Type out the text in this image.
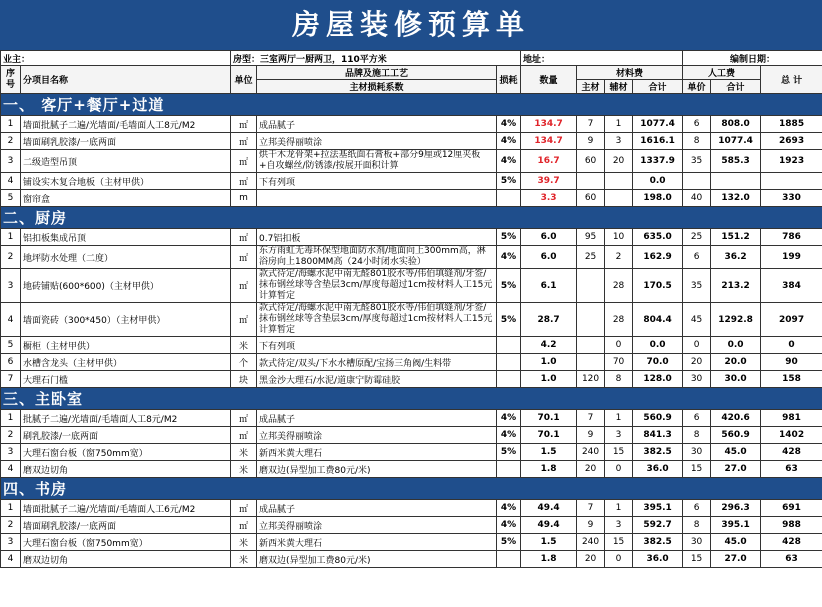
房屋装修预算单
业主：		房型：三室两厅一厨两卫，110平方米			地址：				编制日期：		
序号	分项目名称	单位	品牌及施工工艺	损耗	数量	材料费			人工费		总 计
			主材损耗系数			主材	辅材	合计	单价	合计	
一、 客厅+餐厅+过道											
1	墙面批腻子二遍/光墙面/毛墙面人工8元/M2	㎡	成品腻子	4%	134.7	7	1	1077.4	6	808.0	1885
2	墙面刷乳胶漆/一底两面	㎡	立邦美得丽喷涂	4%	134.7	9	3	1616.1	8	1077.4	2693
3	二级造型吊顶	㎡	烘干木龙骨架+拉法基纸面石膏板+部分9厘或12厘夹板+自攻螺丝/防锈漆/按展开面积计算	4%	16.7	60	20	1337.9	35	585.3	1923
4	铺设实木复合地板（主材甲供）	㎡	下有列项	5%	39.7			0.0			
5	窗帘盒	m			3.3	60		198.0	40	132.0	330
二、厨房											
1	铝扣板集成吊顶	㎡	0.7铝扣板	5%	6.0	95	10	635.0	25	151.2	786
2	地坪防水处理（二度）	㎡	东方雨虹无毒环保型地面防水剂/地面向上300mm高，淋浴房向上1800MM高（24小时闭水实验）	4%	6.0	25	2	162.9	6	36.2	199
3	地砖铺贴(600*600)（主材甲供）	㎡	款式待定/海螺水泥中南无醛801胶水等/伟伯填缝剂/牙签/抹布钢丝球等含垫层3cm/厚度每超过1cm按材料人工15元计算暂定	5%	6.1		28	170.5	35	213.2	384
4	墙面瓷砖（300*450）（主材甲供）	㎡	款式待定/海螺水泥中南无醛801胶水等/伟伯填缝剂/牙签/抹布钢丝球等含垫层3cm/厚度每超过1cm按材料人工15元计算暂定	5%	28.7		28	804.4	45	1292.8	2097
5	橱柜（主材甲供）	米	下有列项		4.2		0	0.0	0	0.0	0
6	水槽含龙头（主材甲供）	个	款式待定/双头/下水水槽原配/宝扬三角阀/生料带		1.0		70	70.0	20	20.0	90
7	大理石门槛	块	黑金沙大理石/水泥/道康宁防霉硅胶		1.0	120	8	128.0	30	30.0	158
三、主卧室											
1	批腻子二遍/光墙面/毛墙面人工8元/M2	㎡	成品腻子	4%	70.1	7	1	560.9	6	420.6	981
2	刷乳胶漆/一底两面	㎡	立邦美得丽喷涂	4%	70.1	9	3	841.3	8	560.9	1402
3	大理石窗台板（窗750mm宽）	米	新西米黄大理石	5%	1.5	240	15	382.5	30	45.0	428
4	磨双边切角	米	磨双边(异型加工费80元/米)		1.8	20	0	36.0	15	27.0	63
四、书房											
1	墙面批腻子二遍/光墙面/毛墙面人工6元/M2	㎡	成品腻子	4%	49.4	7	1	395.1	6	296.3	691
2	墙面刷乳胶漆/一底两面	㎡	立邦美得丽喷涂	4%	49.4	9	3	592.7	8	395.1	988
3	大理石窗台板（窗750mm宽）	米	新西米黄大理石	5%	1.5	240	15	382.5	30	45.0	428
4	磨双边切角	米	磨双边(异型加工费80元/米)		1.8	20	0	36.0	15	27.0	63
